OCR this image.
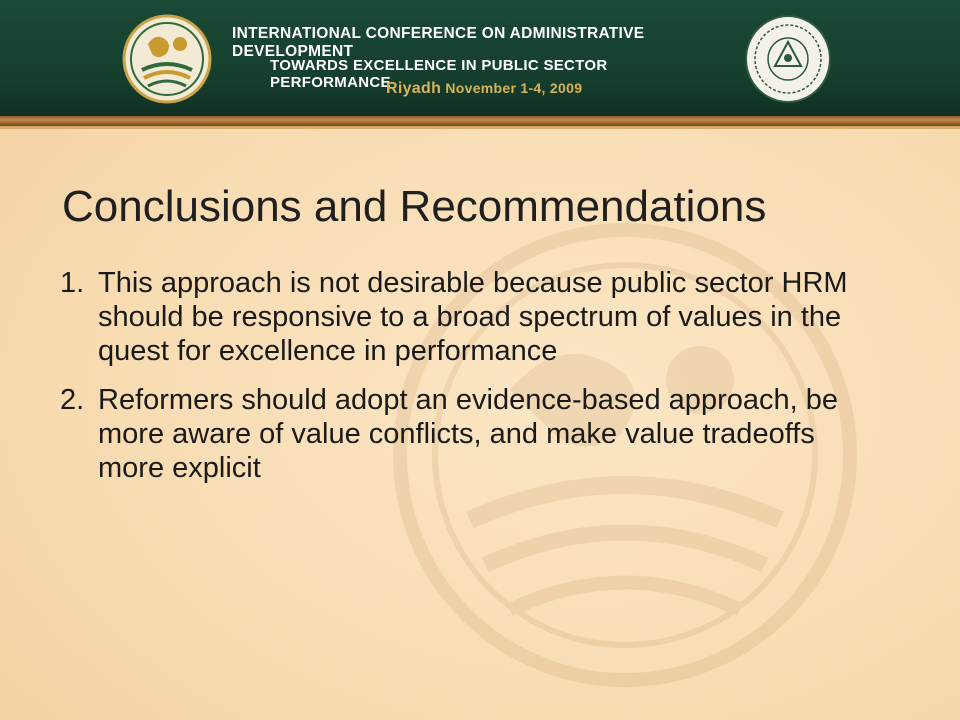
INTERNATIONAL CONFERENCE ON ADMINISTRATIVE DEVELOPMENT
TOWARDS EXCELLENCE IN PUBLIC SECTOR PERFORMANCE
Riyadh November 1-4, 2009
Conclusions and Recommendations
1. This approach is not desirable because public sector HRM should be responsive to a broad spectrum of values in the quest for excellence in performance
2. Reformers should adopt an evidence-based approach, be more aware of value conflicts, and make value tradeoffs more explicit
